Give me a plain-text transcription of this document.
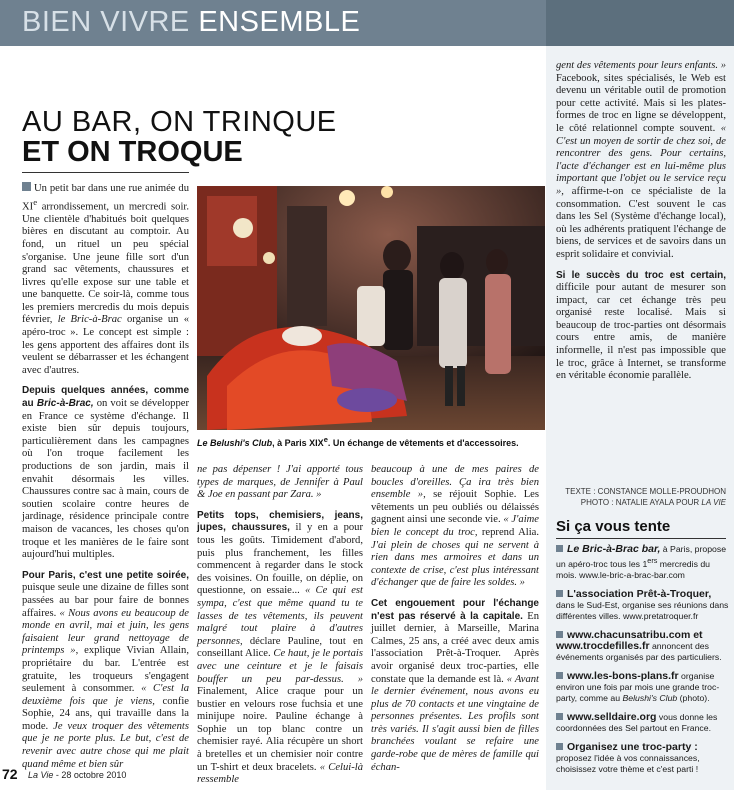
BIEN VIVRE ENSEMBLE
AU BAR, ON TRINQUE
ET ON TROQUE

Un petit bar dans une rue animée du XIe arrondissement, un mercredi soir. Une clientèle d'habitués boit quelques bières en discutant au comptoir. Au fond, un rituel un peu spécial s'organise. Une jeune fille sort d'un grand sac vêtements, chaussures et livres qu'elle expose sur une table et une banquette. Ce soir-là, comme tous les premiers mercredis du mois depuis février, le Bric-à-Brac organise un « apéro-troc ». Le concept est simple : les gens apportent des affaires dont ils veulent se débarrasser et les échangent avec d'autres.

Depuis quelques années, comme au Bric-à-Brac, on voit se développer en France ce système d'échange. Il existe bien sûr depuis toujours, particulièrement dans les campagnes où l'on troque facilement les productions de son jardin, mais il envahit désormais les villes. Chaussures contre sac à main, cours de soutien scolaire contre heures de jardinage, résidence principale contre maison de vacances, les choses qu'on troque et les manières de le faire sont aujourd'hui multiples.

Pour Paris, c'est une petite soirée, puisque seule une dizaine de filles sont passées au bar pour faire de bonnes affaires. « Nous avons eu beaucoup de monde en avril, mai et juin, les gens faisaient leur grand nettoyage de printemps », explique Vivian Allain, propriétaire du bar. L'entrée est gratuite, les troqueurs s'engagent seulement à consommer. « C'est la deuxième fois que je viens, confie Sophie, 24 ans, qui travaille dans la mode. Je veux troquer des vêtements que je ne porte plus. Le but, c'est de revenir avec autre chose qui me plait quand même et bien sûr

Le Belushi's Club, à Paris XIXe. Un échange de vêtements et d'accessoires.

ne pas dépenser ! J'ai apporté tous types de marques, de Jennifer à Paul & Joe en passant par Zara. »

Petits tops, chemisiers, jeans, jupes, chaussures, il y en a pour tous les goûts. Timidement d'abord, puis plus franchement, les filles commencent à regarder dans le stock des voisines. On fouille, on déplie, on questionne, on essaie... « Ce qui est sympa, c'est que même quand tu te lasses de tes vêtements, ils peuvent malgré tout plaire à d'autres personnes, déclare Pauline, tout en conseillant Alice. Ce haut, je le portais avec une ceinture et je le faisais bouffer un peu par-dessus. » Finalement, Alice craque pour un bustier en velours rose fuchsia et une minijupe noire. Pauline échange à Sophie un top blanc contre un chemisier rayé. Alia récupère un short à bretelles et un chemisier noir contre un T-shirt et deux bracelets. « Celui-là ressemble

beaucoup à une de mes paires de boucles d'oreilles. Ça ira très bien ensemble », se réjouit Sophie. Les vêtements un peu oubliés ou délaissés gagnent ainsi une seconde vie. « J'aime bien le concept du troc, reprend Alia. J'ai plein de choses qui ne servent à rien dans mes armoires et dans un contexte de crise, c'est plus intéressant d'échanger que de faire les soldes. »

Cet engouement pour l'échange n'est pas réservé à la capitale. En juillet dernier, à Marseille, Marina Calmes, 25 ans, a créé avec deux amis l'association Prêt-à-Troquer. Après avoir organisé deux troc-parties, elle constate que la demande est là. « Avant le dernier événement, nous avons eu plus de 70 contacts et une vingtaine de personnes présentes. Les profils sont très variés. Il s'agit aussi bien de filles branchées voulant se refaire une garde-robe que de mères de famille qui échan-

gent des vêtements pour leurs enfants. » Facebook, sites spécialisés, le Web est devenu un véritable outil de promotion pour cette activité. Mais si les plates-formes de troc en ligne se développent, le côté relationnel compte souvent. « C'est un moyen de sortir de chez soi, de rencontrer des gens. Pour certains, l'acte d'échanger est en lui-même plus important que l'objet ou le service reçu », affirme-t-on ce spécialiste de la consommation. C'est souvent le cas dans les Sel (Système d'échange local), où les adhérents pratiquent l'échange de biens, de services et de savoirs dans un esprit solidaire et convivial.

Si le succès du troc est certain, difficile pour autant de mesurer son impact, car cet échange très peu organisé reste localisé. Mais si beaucoup de troc-parties ont désormais cours entre amis, de manière informelle, il n'est pas impossible que le troc, grâce à Internet, se transforme en véritable économie parallèle.

TEXTE : CONSTANCE MOLLE-PROUDHON
PHOTO : NATALIE AYALA POUR LA VIE
Si ça vous tente
Le Bric-à-Brac bar, à Paris, propose un apéro-troc tous les 1ers mercredis du mois. www.le-bric-a-brac-bar.com
L'association Prêt-à-Troquer, dans le Sud-Est, organise ses réunions dans différentes villes. www.pretatroquer.fr
www.chacunsatribu.com et www.trocdefilles.fr annoncent des événements organisés par des particuliers.
www.les-bons-plans.fr organise environ une fois par mois une grande troc-party, comme au Belushi's Club (photo).
www.selldaire.org vous donne les coordonnées des Sel partout en France.
Organisez une troc-party : proposez l'idée à vos connaissances, choisissez votre thème et c'est parti !
72 La Vie - 28 octobre 2010
